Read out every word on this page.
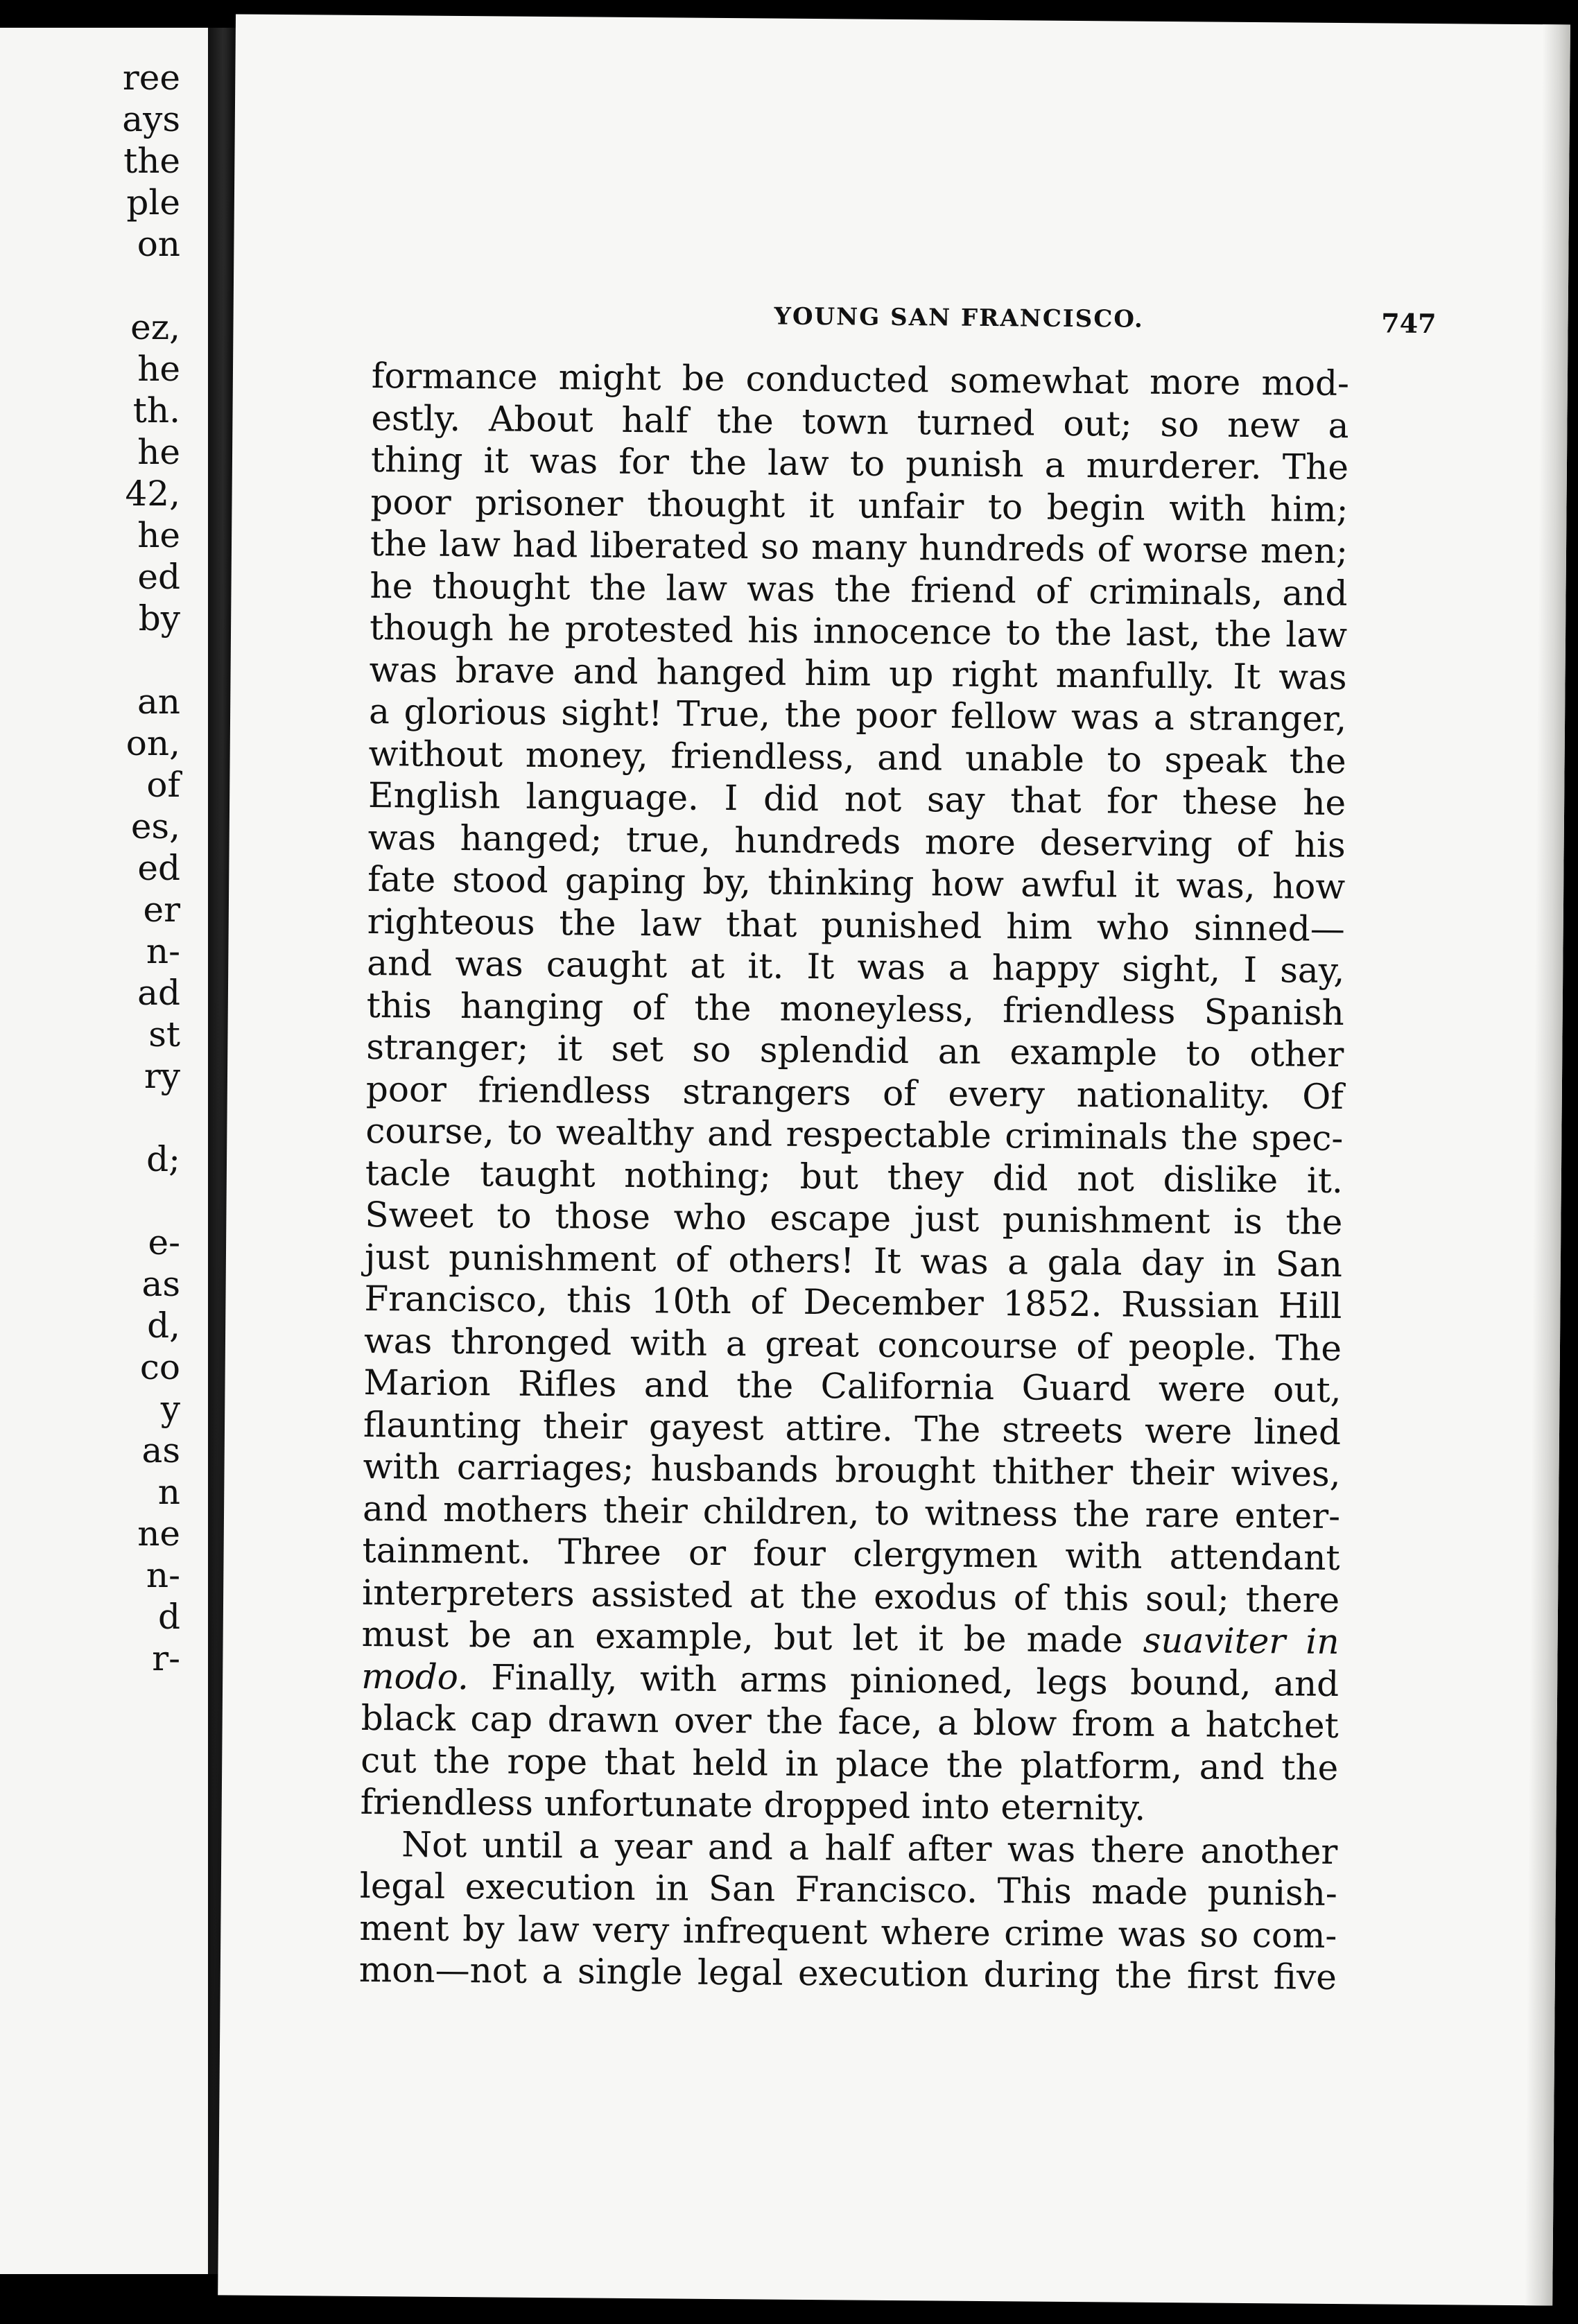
ree
ays
the
ple
on
ez,
he
th.
he
42,
he
ed
by
an
on,
of
es,
ed
er
n-
ad
st
ry
d;
e-
as
d,
co
y
as
n
ne
n-
d
r-
YOUNG SAN FRANCISCO.	747
formance might be conducted somewhat more mod-
estly. About half the town turned out; so new a
thing it was for the law to punish a murderer. The
poor prisoner thought it unfair to begin with him;
the law had liberated so many hundreds of worse men;
he thought the law was the friend of criminals, and
though he protested his innocence to the last, the law
was brave and hanged him up right manfully. It was
a glorious sight! True, the poor fellow was a stranger,
without money, friendless, and unable to speak the
English language. I did not say that for these he
was hanged; true, hundreds more deserving of his
fate stood gaping by, thinking how awful it was, how
righteous the law that punished him who sinned—
and was caught at it. It was a happy sight, I say,
this hanging of the moneyless, friendless Spanish
stranger; it set so splendid an example to other
poor friendless strangers of every nationality. Of
course, to wealthy and respectable criminals the spec-
tacle taught nothing; but they did not dislike it.
Sweet to those who escape just punishment is the
just punishment of others! It was a gala day in San
Francisco, this 10th of December 1852. Russian Hill
was thronged with a great concourse of people. The
Marion Rifles and the California Guard were out,
flaunting their gayest attire. The streets were lined
with carriages; husbands brought thither their wives,
and mothers their children, to witness the rare enter-
tainment. Three or four clergymen with attendant
interpreters assisted at the exodus of this soul; there
must be an example, but let it be made suaviter in
modo. Finally, with arms pinioned, legs bound, and
black cap drawn over the face, a blow from a hatchet
cut the rope that held in place the platform, and the
friendless unfortunate dropped into eternity.
Not until a year and a half after was there another
legal execution in San Francisco. This made punish-
ment by law very infrequent where crime was so com-
mon—not a single legal execution during the first five
